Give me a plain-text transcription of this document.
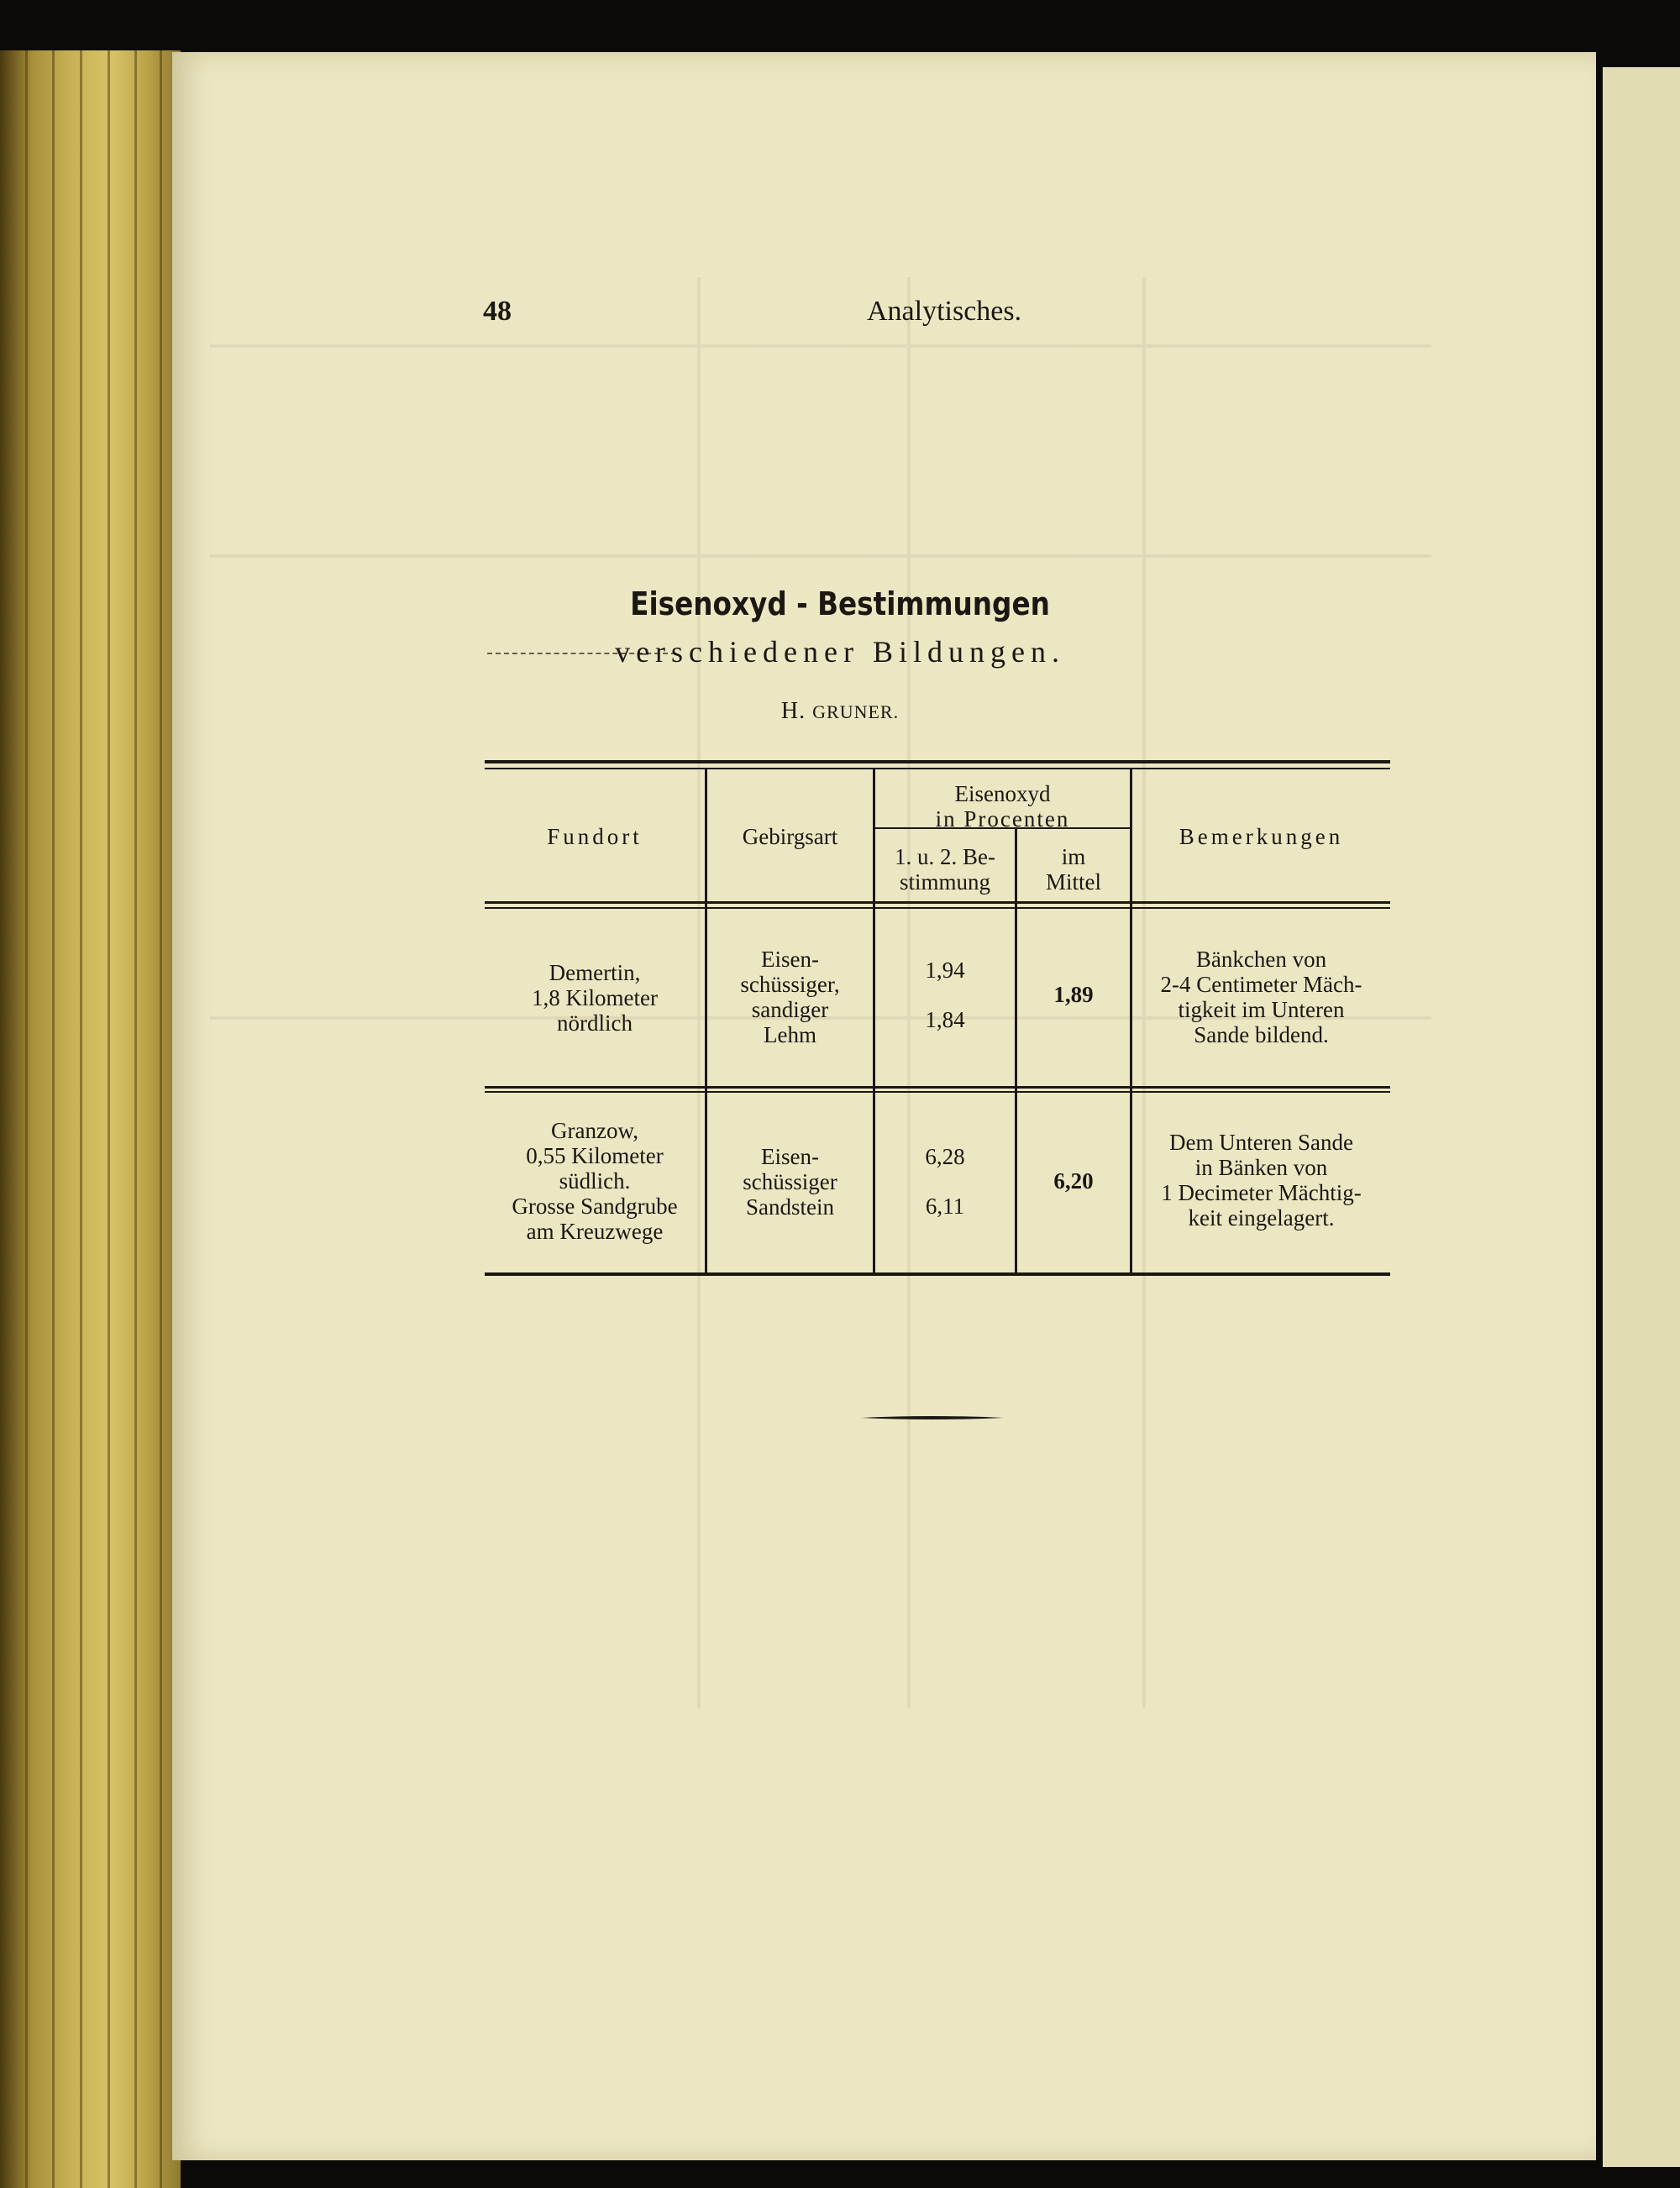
48	Analytisches.
Eisenoxyd - Bestimmungen
verschiedener Bildungen.
H. GRUNER.
Fundort	Gebirgsart
Eisenoxyd
in Procenten
1. u. 2. Be-
stimmung
im
Mittel
Bemerkungen
Demertin,
1,8 Kilometer
nördlich
Eisen-
schüssiger,
sandiger
Lehm
1,94
1,84
1,89
Bänkchen von
2-4 Centimeter Mäch-
tigkeit im Unteren
Sande bildend.
Granzow,
0,55 Kilometer
südlich.
Grosse Sandgrube
am Kreuzwege
Eisen-
schüssiger
Sandstein
6,28
6,11
6,20
Dem Unteren Sande
in Bänken von
1 Decimeter Mächtig-
keit eingelagert.
